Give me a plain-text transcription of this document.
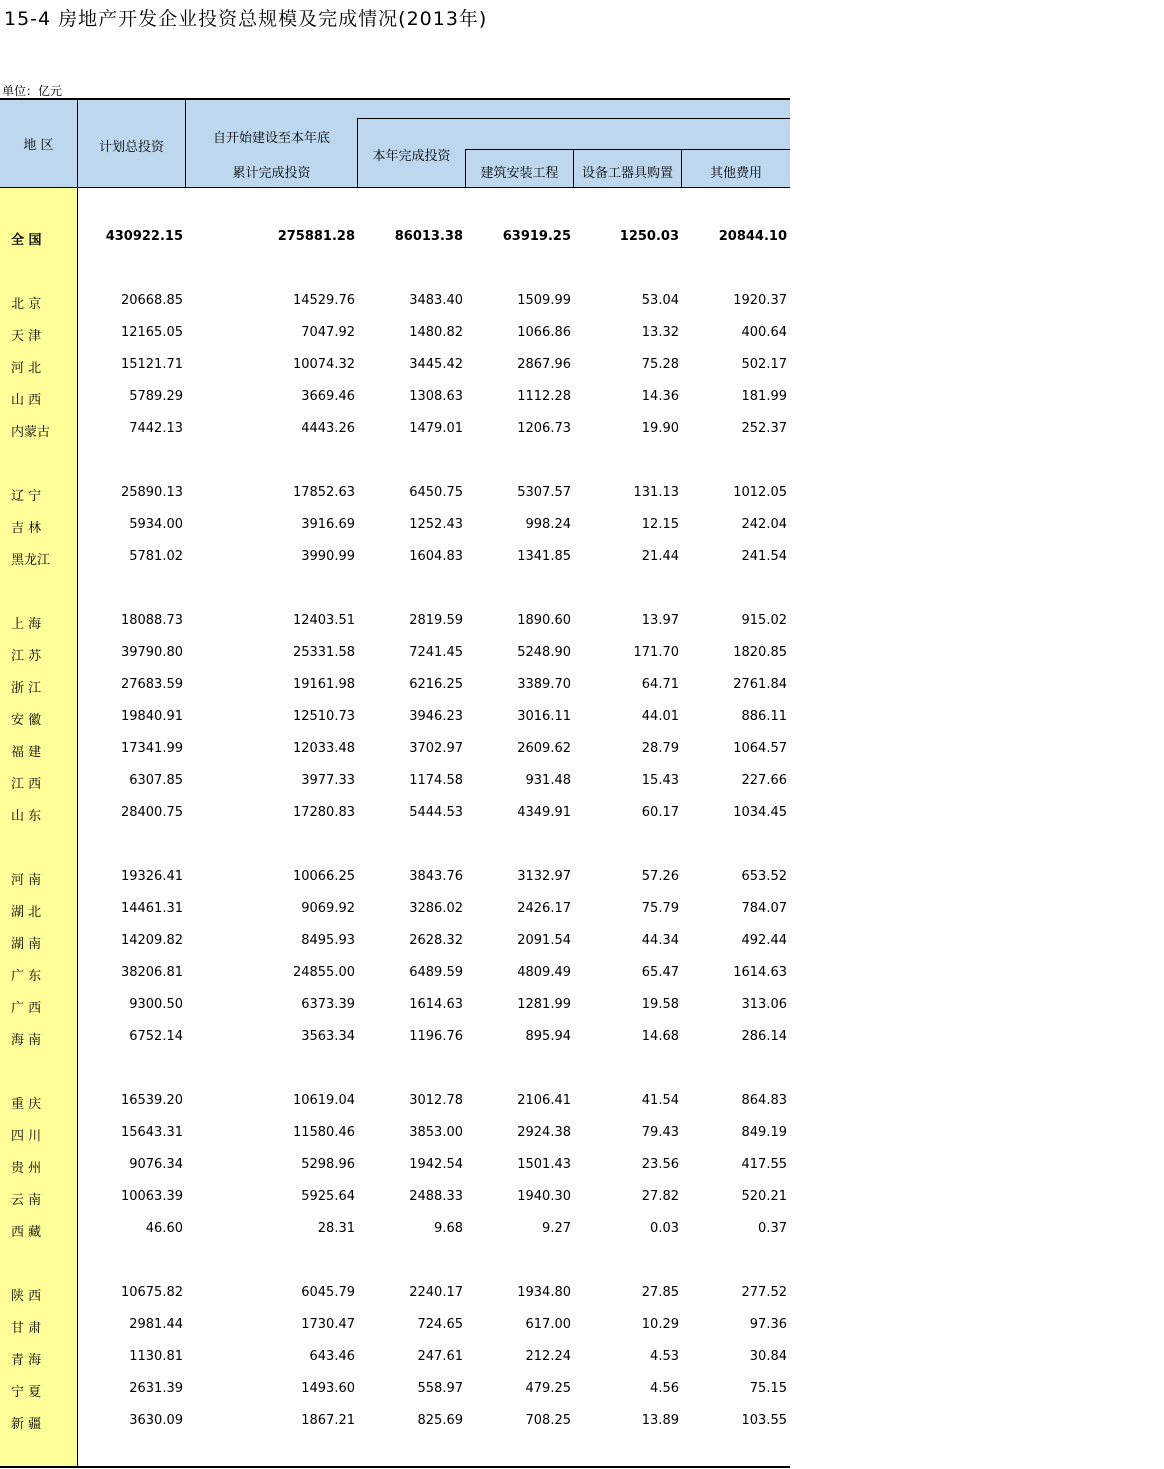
15-4 房地产开发企业投资总规模及完成情况(2013年)
单位：亿元
地 区	计划总投资
自开始建设至本年底
累计完成投资
本年完成投资
建筑安装工程	设备工器具购置	其他费用
全 国	430922.15	275881.28	86013.38	63919.25	1250.03	20844.10
北 京	20668.85	14529.76	3483.40	1509.99	53.04	1920.37
天 津	12165.05	7047.92	1480.82	1066.86	13.32	400.64
河 北	15121.71	10074.32	3445.42	2867.96	75.28	502.17
山 西	5789.29	3669.46	1308.63	1112.28	14.36	181.99
内蒙古	7442.13	4443.26	1479.01	1206.73	19.90	252.37
辽 宁	25890.13	17852.63	6450.75	5307.57	131.13	1012.05
吉 林	5934.00	3916.69	1252.43	998.24	12.15	242.04
黑龙江	5781.02	3990.99	1604.83	1341.85	21.44	241.54
上 海	18088.73	12403.51	2819.59	1890.60	13.97	915.02
江 苏	39790.80	25331.58	7241.45	5248.90	171.70	1820.85
浙 江	27683.59	19161.98	6216.25	3389.70	64.71	2761.84
安 徽	19840.91	12510.73	3946.23	3016.11	44.01	886.11
福 建	17341.99	12033.48	3702.97	2609.62	28.79	1064.57
江 西	6307.85	3977.33	1174.58	931.48	15.43	227.66
山 东	28400.75	17280.83	5444.53	4349.91	60.17	1034.45
河 南	19326.41	10066.25	3843.76	3132.97	57.26	653.52
湖 北	14461.31	9069.92	3286.02	2426.17	75.79	784.07
湖 南	14209.82	8495.93	2628.32	2091.54	44.34	492.44
广 东	38206.81	24855.00	6489.59	4809.49	65.47	1614.63
广 西	9300.50	6373.39	1614.63	1281.99	19.58	313.06
海 南	6752.14	3563.34	1196.76	895.94	14.68	286.14
重 庆	16539.20	10619.04	3012.78	2106.41	41.54	864.83
四 川	15643.31	11580.46	3853.00	2924.38	79.43	849.19
贵 州	9076.34	5298.96	1942.54	1501.43	23.56	417.55
云 南	10063.39	5925.64	2488.33	1940.30	27.82	520.21
西 藏	46.60	28.31	9.68	9.27	0.03	0.37
陕 西	10675.82	6045.79	2240.17	1934.80	27.85	277.52
甘 肃	2981.44	1730.47	724.65	617.00	10.29	97.36
青 海	1130.81	643.46	247.61	212.24	4.53	30.84
宁 夏	2631.39	1493.60	558.97	479.25	4.56	75.15
新 疆	3630.09	1867.21	825.69	708.25	13.89	103.55
